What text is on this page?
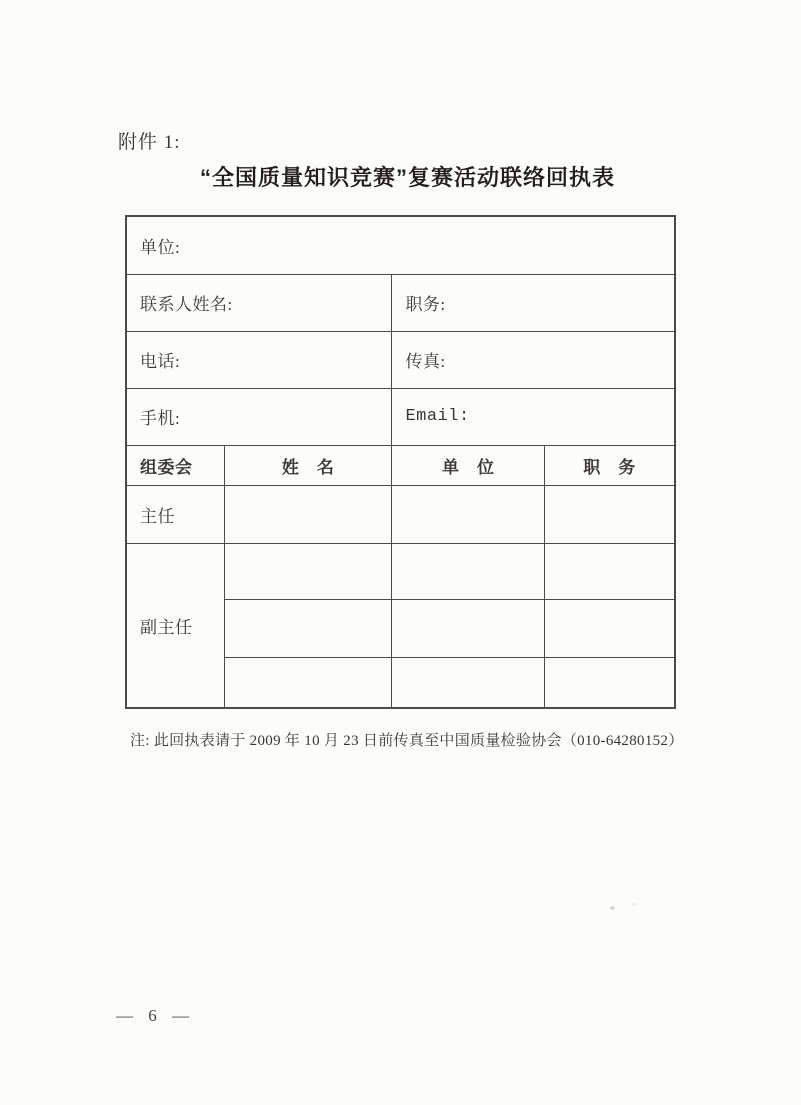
附件 1:
“全国质量知识竞赛”复赛活动联络回执表
单位:			
联系人姓名:		职务:	
电话:		传真:	
手机:		Email:	
组委会	姓　名	单　位	职　务
主任			
副主任			

注: 此回执表请于 2009 年 10 月 23 日前传真至中国质量检验协会（010-64280152）
— 6 —
